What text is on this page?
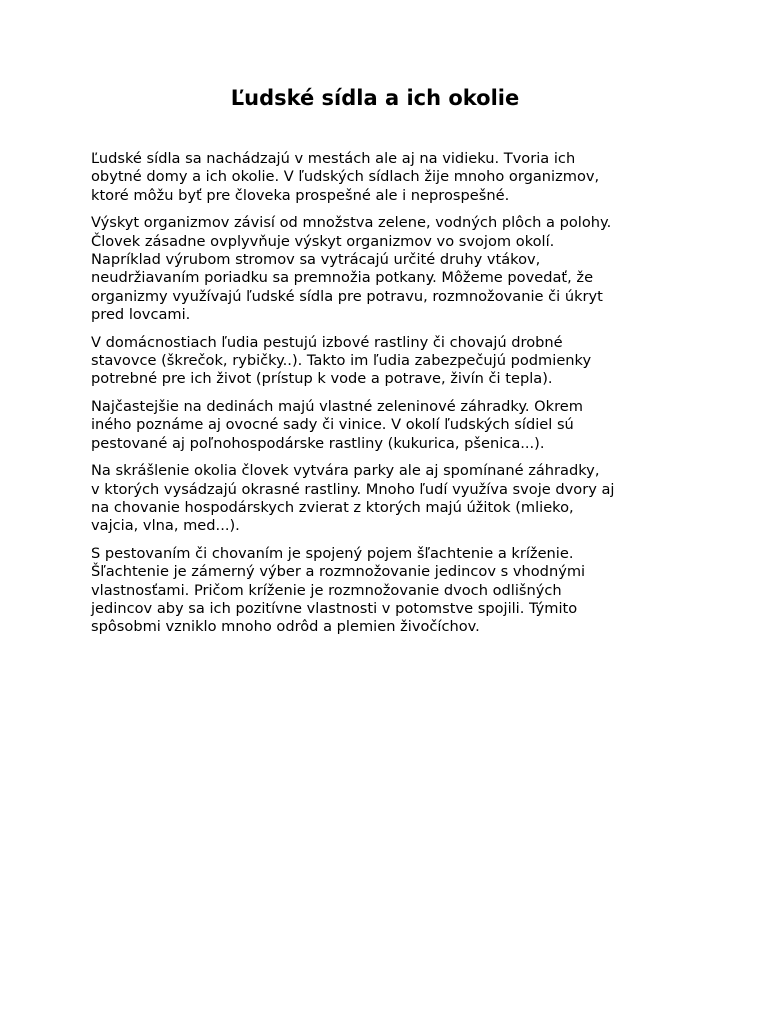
Ľudské sídla a ich okolie

Ľudské sídla sa nachádzajú v mestách ale aj na vidieku. Tvoria ich
obytné domy a ich okolie. V ľudských sídlach žije mnoho organizmov,
ktoré môžu byť pre človeka prospešné ale i neprospešné.

Výskyt organizmov závisí od množstva zelene, vodných plôch a polohy.
Človek zásadne ovplyvňuje výskyt organizmov vo svojom okolí.
Napríklad výrubom stromov sa vytrácajú určité druhy vtákov,
neudržiavaním poriadku sa premnožia potkany. Môžeme povedať, že
organizmy využívajú ľudské sídla pre potravu, rozmnožovanie či úkryt
pred lovcami.

V domácnostiach ľudia pestujú izbové rastliny či chovajú drobné
stavovce (škrečok, rybičky..). Takto im ľudia zabezpečujú podmienky
potrebné pre ich život (prístup k vode a potrave, živín či tepla).

Najčastejšie na dedinách majú vlastné zeleninové záhradky. Okrem
iného poznáme aj ovocné sady či vinice. V okolí ľudských sídiel sú
pestované aj poľnohospodárske rastliny (kukurica, pšenica...).

Na skrášlenie okolia človek vytvára parky ale aj spomínané záhradky,
v ktorých vysádzajú okrasné rastliny. Mnoho ľudí využíva svoje dvory aj
na chovanie hospodárskych zvierat z ktorých majú úžitok (mlieko,
vajcia, vlna, med...).

S pestovaním či chovaním je spojený pojem šľachtenie a kríženie.
Šľachtenie je zámerný výber a rozmnožovanie jedincov s vhodnými
vlastnosťami. Pričom kríženie je rozmnožovanie dvoch odlišných
jedincov aby sa ich pozitívne vlastnosti v potomstve spojili. Týmito
spôsobmi vzniklo mnoho odrôd a plemien živočíchov.
